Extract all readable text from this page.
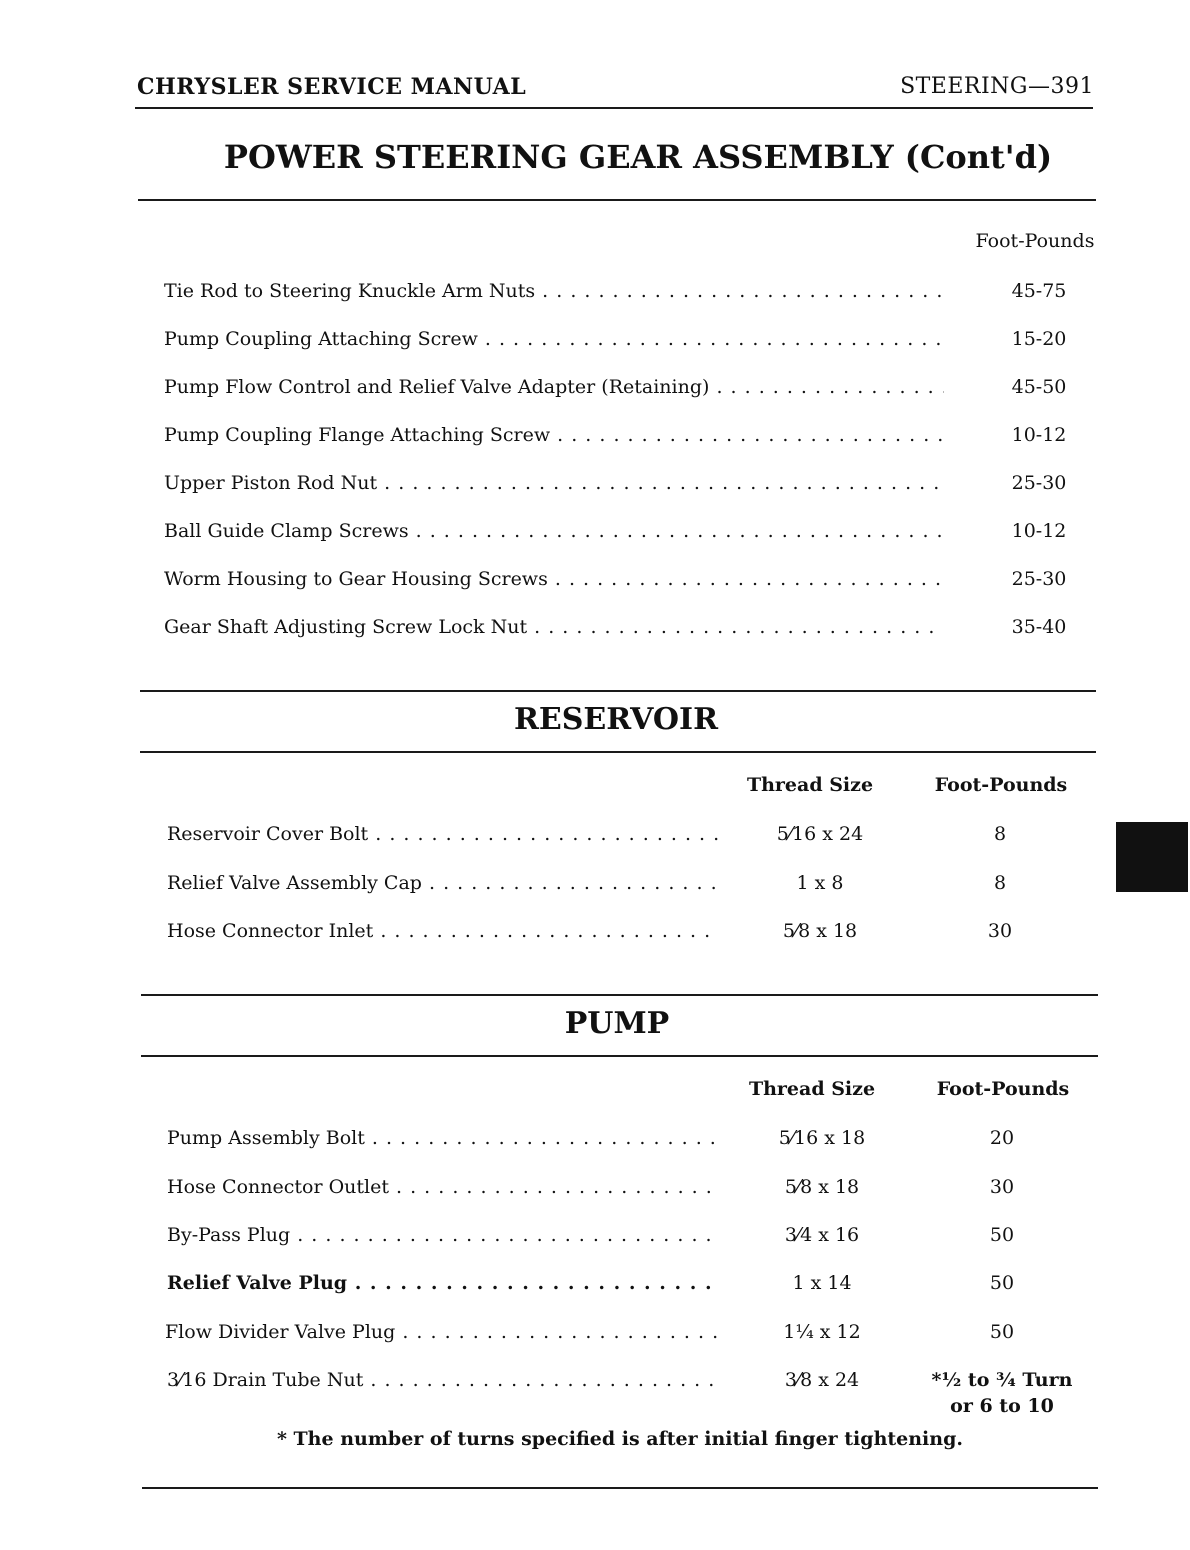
CHRYSLER SERVICE MANUAL	STEERING—391
POWER STEERING GEAR ASSEMBLY (Cont'd)
Foot-Pounds
Tie Rod to Steering Knuckle Arm Nuts . . .	45-75
Pump Coupling Attaching Screw . . .	15-20
Pump Flow Control and Relief Valve Adapter (Retaining) . . .	45-50
Pump Coupling Flange Attaching Screw . . .	10-12
Upper Piston Rod Nut . . .	25-30
Ball Guide Clamp Screws . . .	10-12
Worm Housing to Gear Housing Screws . . .	25-30
Gear Shaft Adjusting Screw Lock Nut . . .	35-40
RESERVOIR
Thread Size	Foot-Pounds
Reservoir Cover Bolt . . .	5⁄16 x 24	8
Relief Valve Assembly Cap . . .	1 x 8	8
Hose Connector Inlet . . .	5⁄8 x 18	30
PUMP
Thread Size	Foot-Pounds
Pump Assembly Bolt . . .	5⁄16 x 18	20
Hose Connector Outlet . . .	5⁄8 x 18	30
By-Pass Plug . . .	3⁄4 x 16	50
Relief Valve Plug . . .	1 x 14	50
Flow Divider Valve Plug . . .	1¼ x 12	50
3⁄16 Drain Tube Nut . . .	3⁄8 x 24	*½ to ¾ Turn
or 6 to 10
* The number of turns specified is after initial finger tightening.
